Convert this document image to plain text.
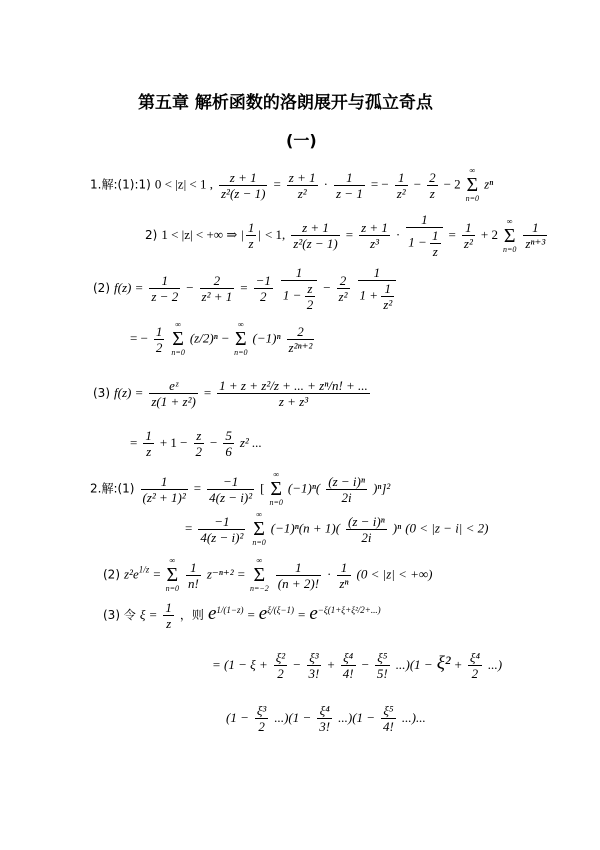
第五章 解析函数的洛朗展开与孤立奇点
(一)
1.解:(1):1) 0 < |z| < 1 , $\frac{z + 1}{\text{z²(z − 1)}} = \frac{z + 1}{\text{z²}} \cdot \frac{1}{z - 1}$ = − $\frac{1}{\text{z²}} - \frac{2}{z} - 2$
∞
Σ
n=0
zⁿ
2) 1 < |z| < +∞ ⇒ | $\frac{1}{z}$ | < 1, $\frac{z + 1}{\text{z²(z − 1)}} = \frac{z + 1}{\text{z³}} \cdot \frac{1}{1 - \frac{1}{z}} = \frac{1}{\text{z²}} + 2$
∞
Σ
n=0
$\frac{1}{\text{zⁿ⁺³}}$
(2) $f(z) = \frac{1}{z - 2} - \frac{2}{\text{z² + 1}} = \frac{-1}{2}$
$\frac{1}{1 - \frac{z}{2}} - \frac{2}{\text{z²}}$
$\frac{1}{1 + \frac{1}{\text{z²}}}$
= − $\frac{1}{2}$
	∞
Σ
n=0
(z/2)ⁿ −
∞
Σ
n=0
$(-1)^n \frac{2}{\text{z²ⁿ⁺²}}$
(3) $f(z) = \frac{\text{eᶻ}}{\text{z(1 + z²)}} = \frac{\text{1 + z + z²/z + ... + zⁿ/n! + ...}}{\text{z + z³}}$
= $\frac{1}{z} + 1 - \frac{z}{2} - \frac{5}{6} z^2$ ...
2.解:(1) $\frac{1}{\text{(z² + 1)²}} = \frac{-1}{\text{4(z − i)²}}$ [
∞
Σ
n=0
$(-1)^n( \frac{\text{(z − i)ⁿ}}{2i} )^n]^2$
= $\frac{-1}{\text{4(z − i)²}}$
	∞
Σ
n=0
$(-1)^n(n + 1)( \frac{\text{(z − i)ⁿ}}{2i} )^n$ (0 < |z − i| < 2)
(2) $z^2e^{1/z}$ =
∞
Σ
n=0
$\frac{1}{n!} z^{-n+2}$ =
∞
Σ
n=−2
$\frac{1}{(n + 2)!} \cdot \frac{1}{\text{zⁿ}} (0 < |z|$ < +∞)
(3) 令 $\xi = \frac{1}{z}$ ，则 $e^{1/(1-z)} = e^{\xi/(\xi-1)} = e^{-\xi(1+\xi+\xi^2/2+...)}$
= $(1 - \xi + \frac{\text{ξ²}}{2} - \frac{\text{ξ³}}{3!} + \frac{\text{ξ⁴}}{4!} - \frac{\text{ξ⁵}}{5!} ...)(1 - \xi^2 + \frac{\text{ξ⁴}}{2}$ ...)
$(1 - \frac{\text{ξ³}}{2} ...)(1 - \frac{\text{ξ⁴}}{3!} ...)(1 - \frac{\text{ξ⁵}}{4!}$ ...)...
